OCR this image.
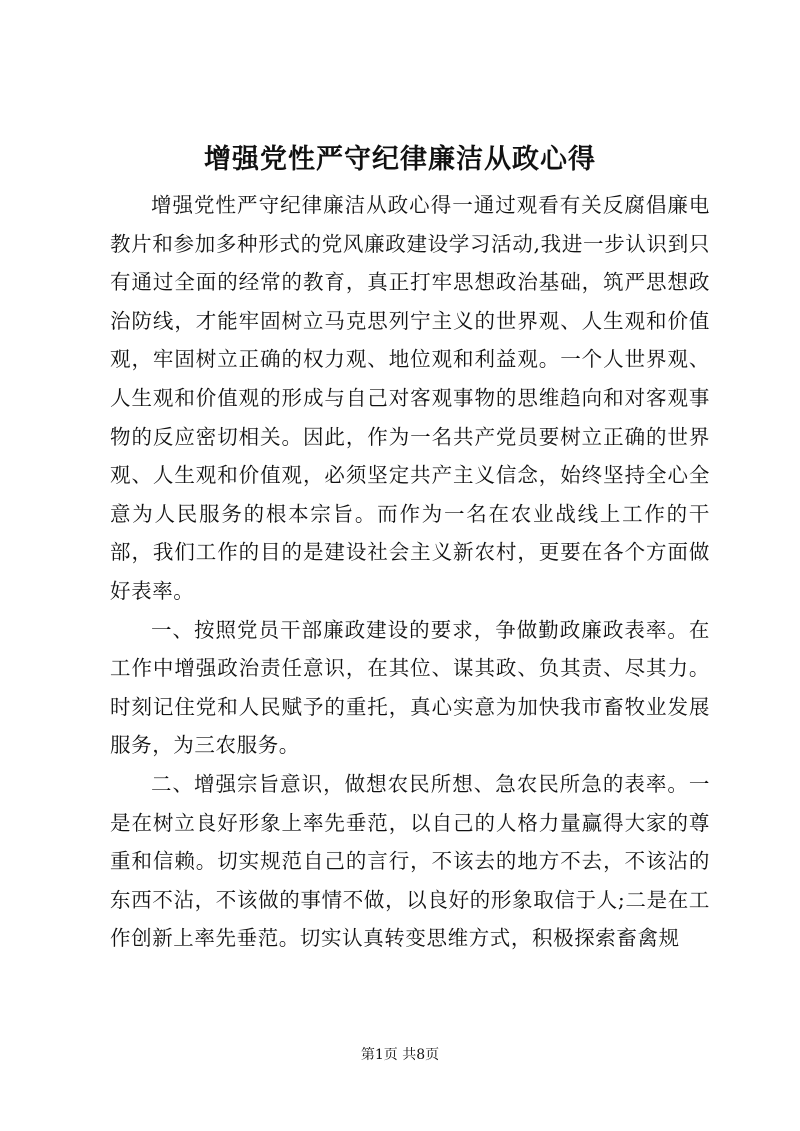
增强党性严守纪律廉洁从政心得

增强党性严守纪律廉洁从政心得一通过观看有关反腐倡廉电教片和参加多种形式的党风廉政建设学习活动,我进一步认识到只有通过全面的经常的教育，真正打牢思想政治基础，筑严思想政治防线，才能牢固树立马克思列宁主义的世界观、人生观和价值观，牢固树立正确的权力观、地位观和利益观。一个人世界观、人生观和价值观的形成与自己对客观事物的思维趋向和对客观事物的反应密切相关。因此，作为一名共产党员要树立正确的世界观、人生观和价值观，必须坚定共产主义信念，始终坚持全心全意为人民服务的根本宗旨。而作为一名在农业战线上工作的干部，我们工作的目的是建设社会主义新农村，更要在各个方面做好表率。

一、按照党员干部廉政建设的要求，争做勤政廉政表率。在工作中增强政治责任意识，在其位、谋其政、负其责、尽其力。时刻记住党和人民赋予的重托，真心实意为加快我市畜牧业发展服务，为三农服务。

二、增强宗旨意识，做想农民所想、急农民所急的表率。一是在树立良好形象上率先垂范，以自己的人格力量赢得大家的尊重和信赖。切实规范自己的言行，不该去的地方不去，不该沾的东西不沾，不该做的事情不做，以良好的形象取信于人;二是在工作创新上率先垂范。切实认真转变思维方式，积极探索畜禽规

第1页 共8页
